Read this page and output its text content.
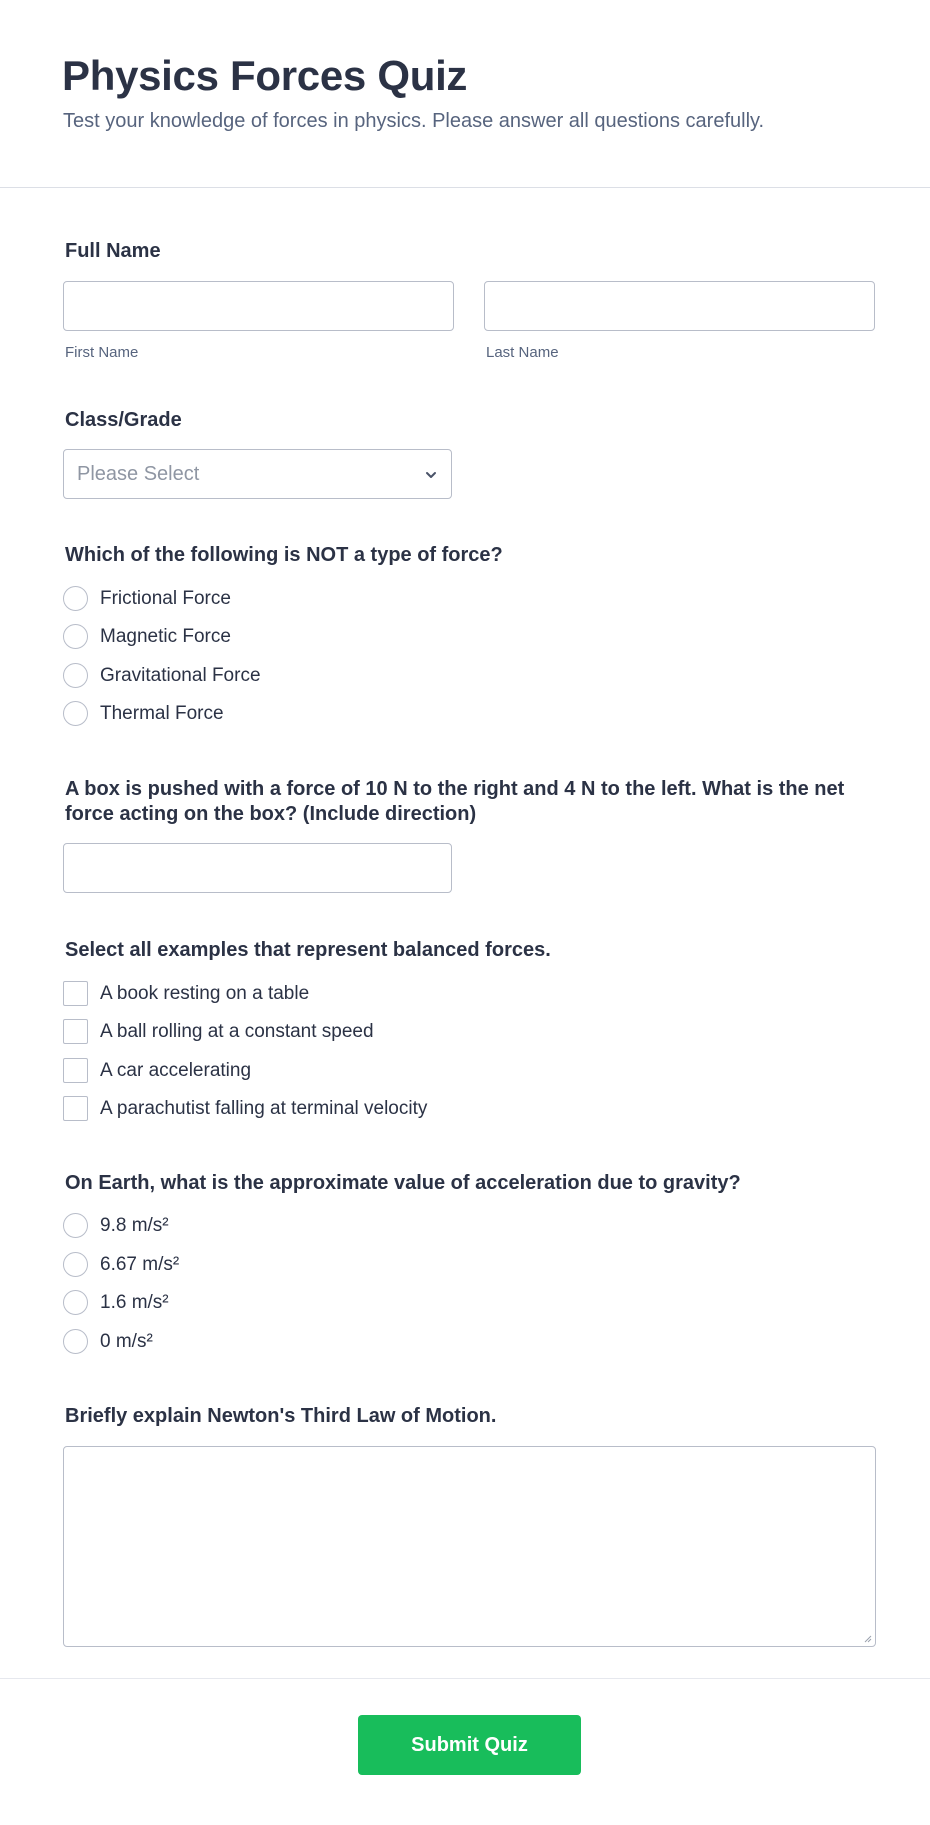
Physics Forces Quiz
Test your knowledge of forces in physics. Please answer all questions carefully.
Full Name
First Name	Last Name
Class/Grade
Please Select
Which of the following is NOT a type of force?
Frictional Force
Magnetic Force
Gravitational Force
Thermal Force
A box is pushed with a force of 10 N to the right and 4 N to the left. What is the net force acting on the box? (Include direction)
Select all examples that represent balanced forces.
A book resting on a table
A ball rolling at a constant speed
A car accelerating
A parachutist falling at terminal velocity
On Earth, what is the approximate value of acceleration due to gravity?
9.8 m/s²
6.67 m/s²
1.6 m/s²
0 m/s²
Briefly explain Newton's Third Law of Motion.
Submit Quiz
